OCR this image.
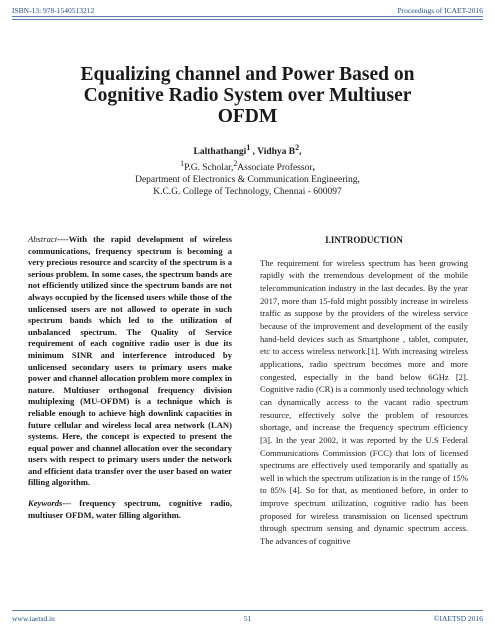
ISBN-13: 978-1540513212	Proceedings of ICAET-2016
Equalizing channel and Power Based on
Cognitive Radio System over Multiuser
OFDM
Lalthathangi$^1$ , Vidhya $B^2$,
$^1$P.G. Scholar,$^2$Associate Professor,
Department of Electronics & Communication Engineering,
K.C.G. College of Technology, Chennai - 600097
Abstract----With the rapid development of wireless communications, frequency spectrum is becoming a very precious resource and scarcity of the spectrum is a serious problem. In some cases, the spectrum bands are not efficiently utilized since the spectrum bands are not always occupied by the licensed users while those of the unlicensed users are not allowed to operate in such spectrum bands which led to the utilization of unbalanced spectrum. The Quality of Service requirement of each cognitive radio user is due its minimum SINR and interference introduced by unlicensed secondary users to primary users make power and channel allocation problem more complex in nature. Multiuser orthogonal frequency division multiplexing (MU-OFDM) is a technique which is reliable enough to achieve high downlink capacities in future cellular and wireless local area network (LAN) systems. Here, the concept is expected to present the equal power and channel allocation over the secondary users with respect to primary users under the network and efficient data transfer over the user based on water filling algorithm.
Keywords--- frequency spectrum, cognitive radio, multiuser OFDM, water filling algorithm.
I.INTRODUCTION
The requirement for wireless spectrum has been growing rapidly with the tremendous development of the mobile telecommunication industry in the last decades. By the year 2017, more than 15-fold might possibly increase in wireless traffic as suppose by the providers of the wireless service because of the improvement and development of the easily hand-held devices such as Smartphone , tablet, computer, etc to access wireless network.[1]. With increasing wireless applications, radio spectrum becomes more and more congested, especially in the band below 6GHz [2]. Cognitive radio (CR) is a commonly used technology which can dynamically access to the vacant radio spectrum resource, effectively solve the problem of resources shortage, and increase the frequency spectrum efficiency [3]. In the year 2002, it was reported by the U.S Federal Communications Commission (FCC) that lots of licensed spectrums are effectively used temporarily and spatially as well in which the spectrum utilization is in the range of 15% to 85% [4]. So for that, as mentioned before, in order to improve spectrum utilization, cognitive radio has been proposed for wireless transmission on licensed spectrum through spectrum sensing and dynamic spectrum access. The advances of cognitive
www.iaetsd.in	51	©IAETSD 2016
